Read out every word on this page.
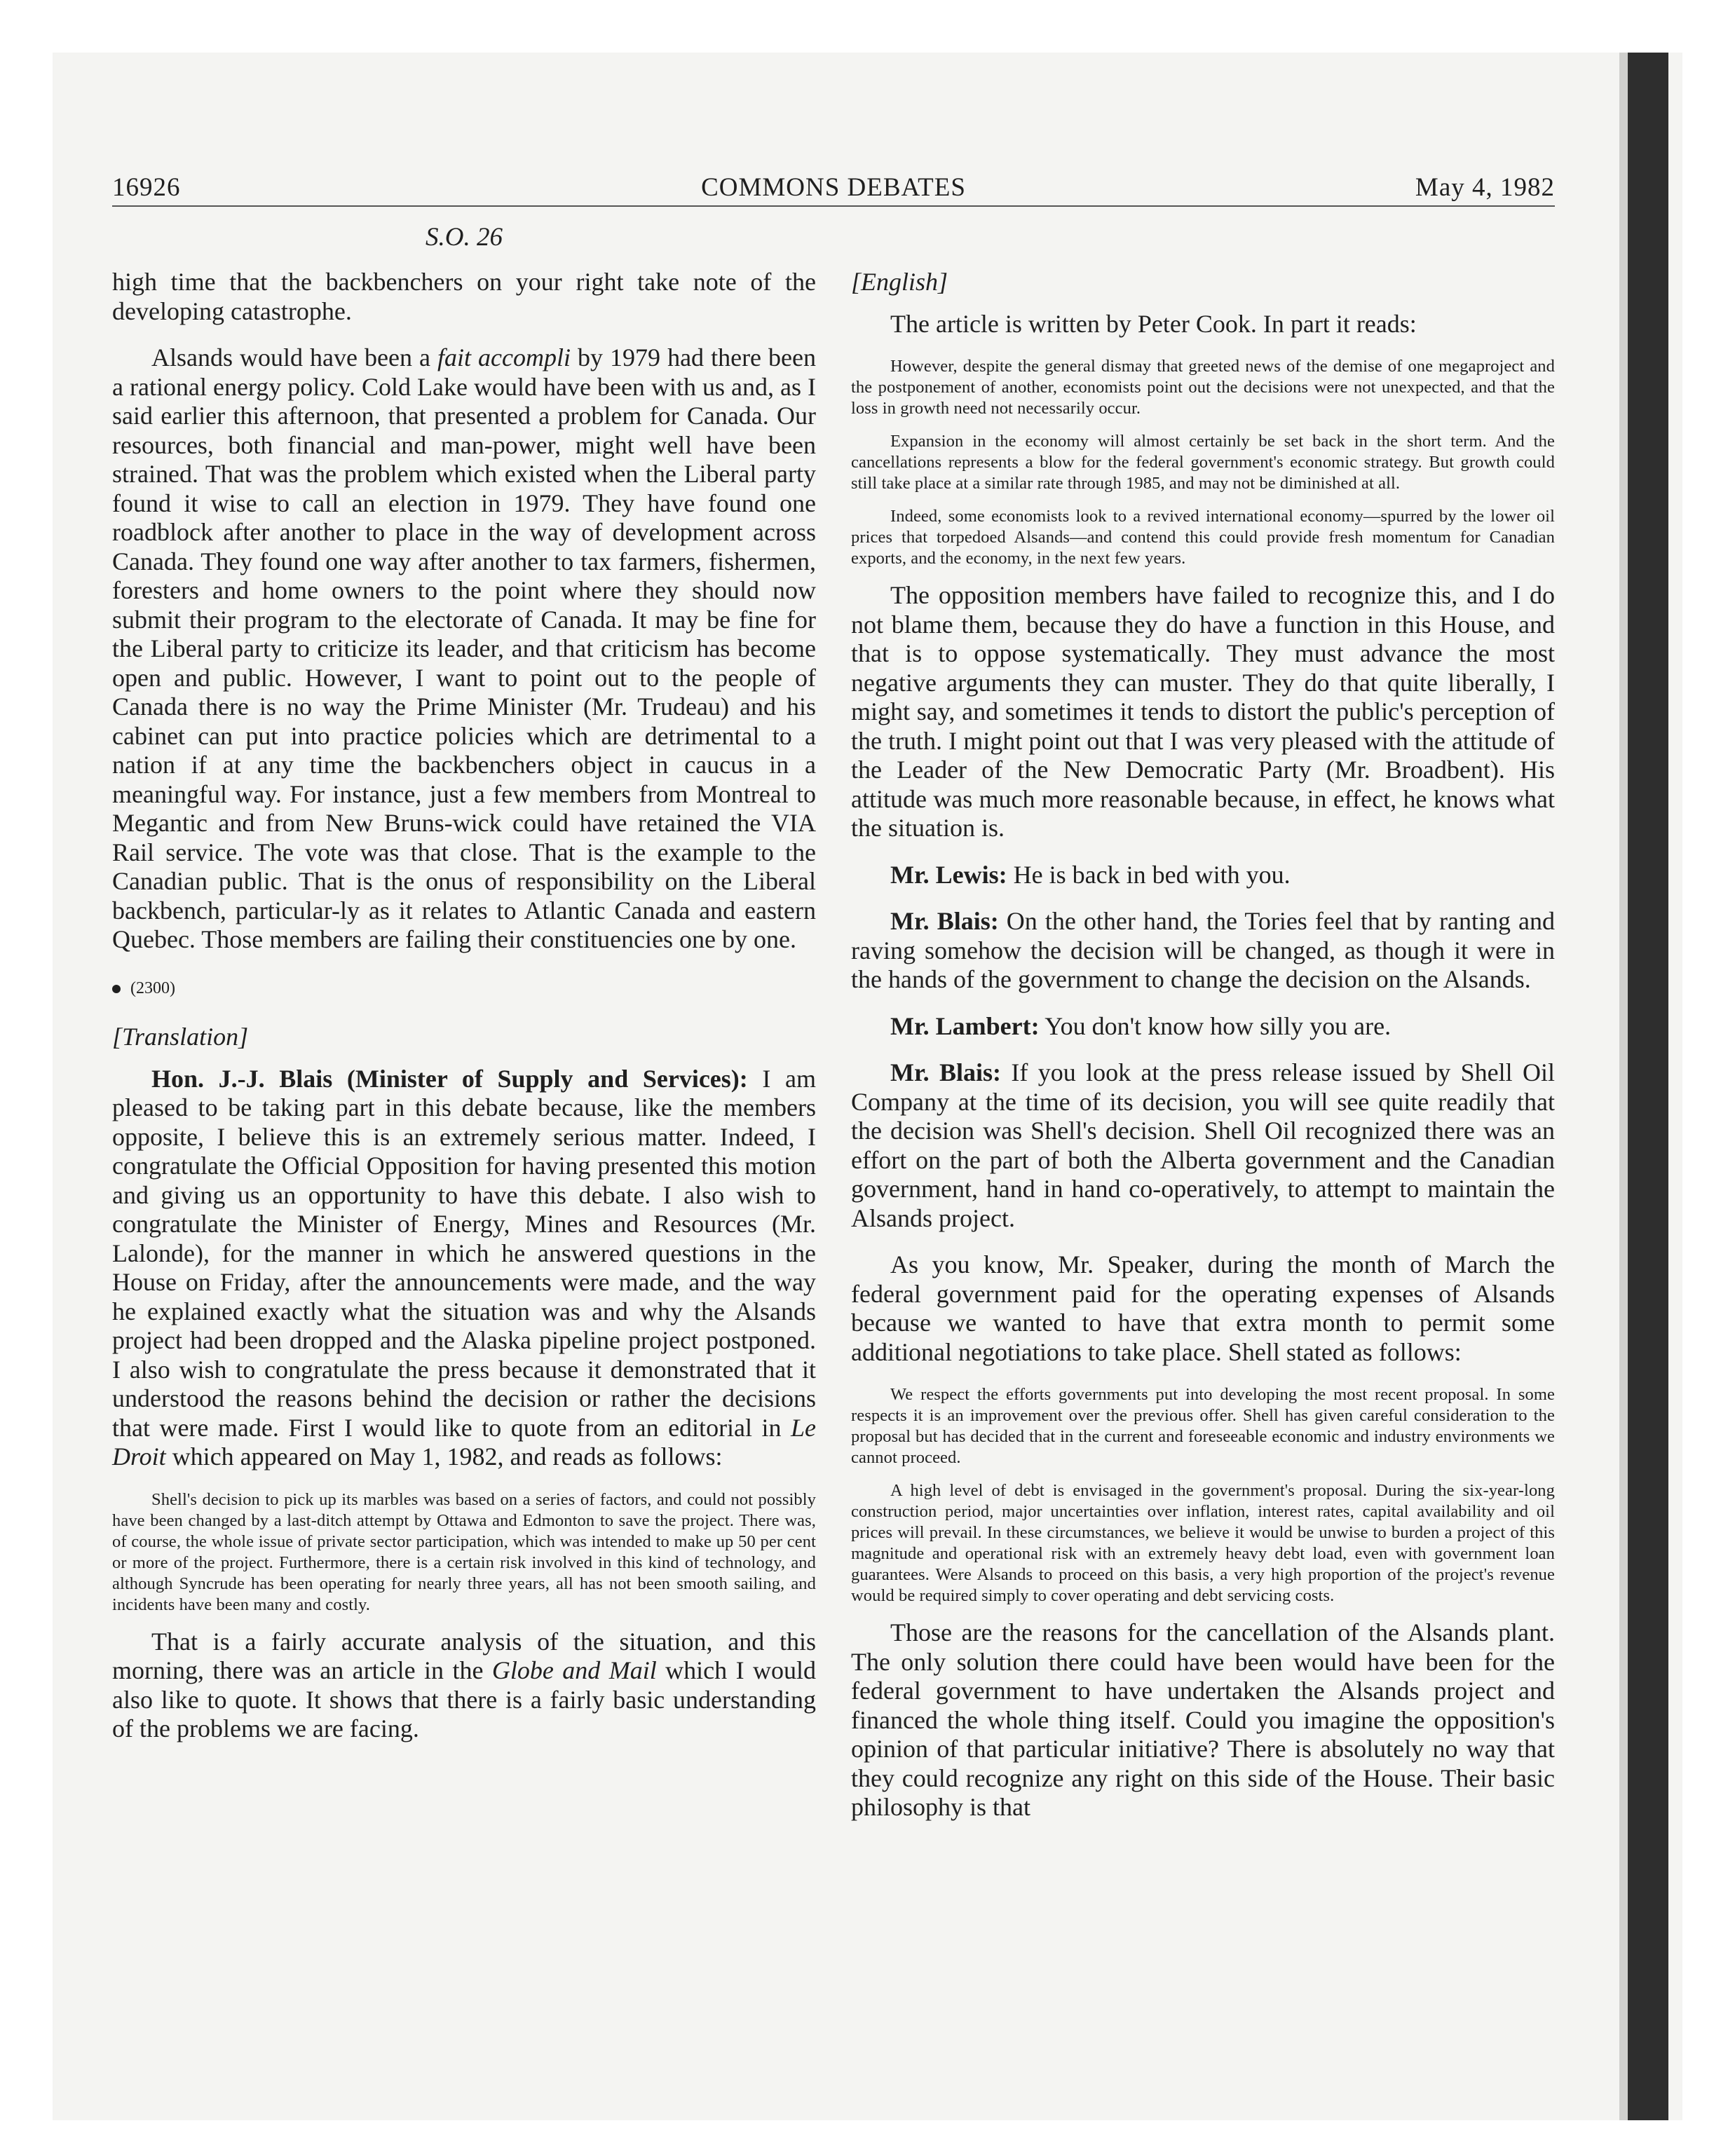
16926	COMMONS DEBATES	May 4, 1982
S.O. 26

high time that the backbenchers on your right take note of the developing catastrophe.

Alsands would have been a fait accompli by 1979 had there been a rational energy policy. Cold Lake would have been with us and, as I said earlier this afternoon, that presented a problem for Canada. Our resources, both financial and man-power, might well have been strained. That was the problem which existed when the Liberal party found it wise to call an election in 1979. They have found one roadblock after another to place in the way of development across Canada. They found one way after another to tax farmers, fishermen, foresters and home owners to the point where they should now submit their program to the electorate of Canada. It may be fine for the Liberal party to criticize its leader, and that criticism has become open and public. However, I want to point out to the people of Canada there is no way the Prime Minister (Mr. Trudeau) and his cabinet can put into practice policies which are detrimental to a nation if at any time the backbenchers object in caucus in a meaningful way. For instance, just a few members from Montreal to Megantic and from New Bruns-wick could have retained the VIA Rail service. The vote was that close. That is the example to the Canadian public. That is the onus of responsibility on the Liberal backbench, particular-ly as it relates to Atlantic Canada and eastern Quebec. Those members are failing their constituencies one by one.

(2300)

[Translation]

Hon. J.-J. Blais (Minister of Supply and Services): I am pleased to be taking part in this debate because, like the members opposite, I believe this is an extremely serious matter. Indeed, I congratulate the Official Opposition for having presented this motion and giving us an opportunity to have this debate. I also wish to congratulate the Minister of Energy, Mines and Resources (Mr. Lalonde), for the manner in which he answered questions in the House on Friday, after the announcements were made, and the way he explained exactly what the situation was and why the Alsands project had been dropped and the Alaska pipeline project postponed. I also wish to congratulate the press because it demonstrated that it understood the reasons behind the decision or rather the decisions that were made. First I would like to quote from an editorial in Le Droit which appeared on May 1, 1982, and reads as follows:

Shell's decision to pick up its marbles was based on a series of factors, and could not possibly have been changed by a last-ditch attempt by Ottawa and Edmonton to save the project. There was, of course, the whole issue of private sector participation, which was intended to make up 50 per cent or more of the project. Furthermore, there is a certain risk involved in this kind of technology, and although Syncrude has been operating for nearly three years, all has not been smooth sailing, and incidents have been many and costly.

That is a fairly accurate analysis of the situation, and this morning, there was an article in the Globe and Mail which I would also like to quote. It shows that there is a fairly basic understanding of the problems we are facing.

[English]

The article is written by Peter Cook. In part it reads:

However, despite the general dismay that greeted news of the demise of one megaproject and the postponement of another, economists point out the decisions were not unexpected, and that the loss in growth need not necessarily occur.

Expansion in the economy will almost certainly be set back in the short term. And the cancellations represents a blow for the federal government's economic strategy. But growth could still take place at a similar rate through 1985, and may not be diminished at all.

Indeed, some economists look to a revived international economy—spurred by the lower oil prices that torpedoed Alsands—and contend this could provide fresh momentum for Canadian exports, and the economy, in the next few years.

The opposition members have failed to recognize this, and I do not blame them, because they do have a function in this House, and that is to oppose systematically. They must advance the most negative arguments they can muster. They do that quite liberally, I might say, and sometimes it tends to distort the public's perception of the truth. I might point out that I was very pleased with the attitude of the Leader of the New Democratic Party (Mr. Broadbent). His attitude was much more reasonable because, in effect, he knows what the situation is.

Mr. Lewis: He is back in bed with you.

Mr. Blais: On the other hand, the Tories feel that by ranting and raving somehow the decision will be changed, as though it were in the hands of the government to change the decision on the Alsands.

Mr. Lambert: You don't know how silly you are.

Mr. Blais: If you look at the press release issued by Shell Oil Company at the time of its decision, you will see quite readily that the decision was Shell's decision. Shell Oil recognized there was an effort on the part of both the Alberta government and the Canadian government, hand in hand co-operatively, to attempt to maintain the Alsands project.

As you know, Mr. Speaker, during the month of March the federal government paid for the operating expenses of Alsands because we wanted to have that extra month to permit some additional negotiations to take place. Shell stated as follows:

We respect the efforts governments put into developing the most recent proposal. In some respects it is an improvement over the previous offer. Shell has given careful consideration to the proposal but has decided that in the current and foreseeable economic and industry environments we cannot proceed.

A high level of debt is envisaged in the government's proposal. During the six-year-long construction period, major uncertainties over inflation, interest rates, capital availability and oil prices will prevail. In these circumstances, we believe it would be unwise to burden a project of this magnitude and operational risk with an extremely heavy debt load, even with government loan guarantees. Were Alsands to proceed on this basis, a very high proportion of the project's revenue would be required simply to cover operating and debt servicing costs.

Those are the reasons for the cancellation of the Alsands plant. The only solution there could have been would have been for the federal government to have undertaken the Alsands project and financed the whole thing itself. Could you imagine the opposition's opinion of that particular initiative? There is absolutely no way that they could recognize any right on this side of the House. Their basic philosophy is that
